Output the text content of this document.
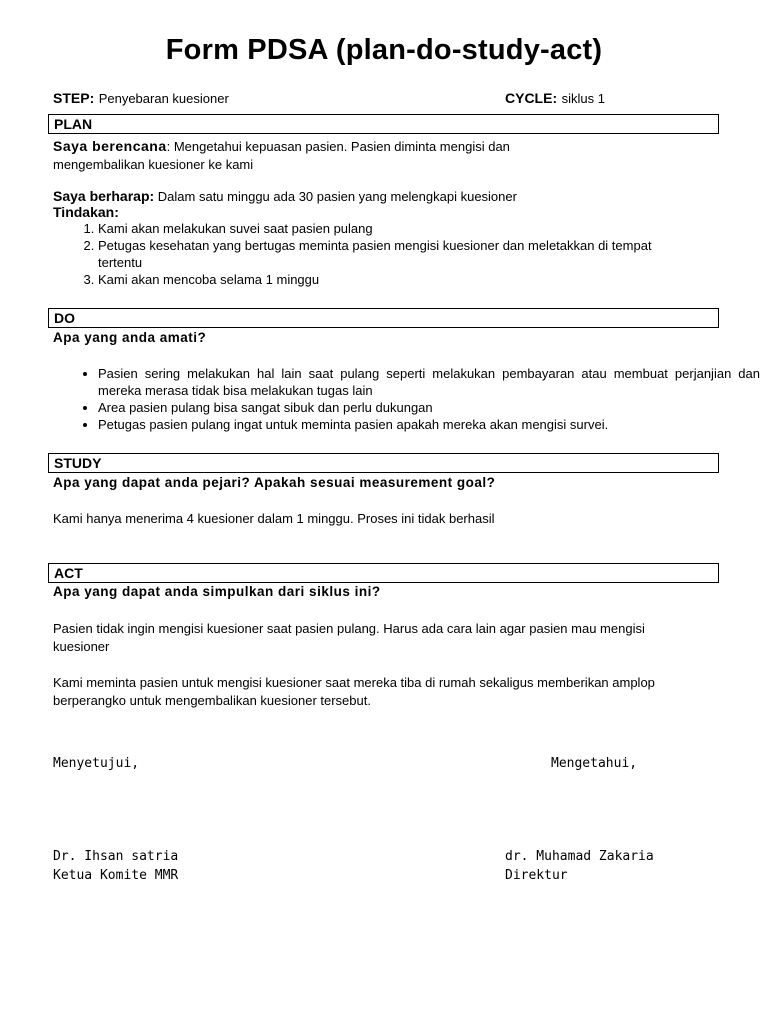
Form PDSA (plan-do-study-act)
STEP: Penyebaran kuesioner	CYCLE: siklus 1
PLAN
Saya berencana: Mengetahui kepuasan pasien. Pasien diminta mengisi dan
mengembalikan kuesioner ke kami
Saya berharap: Dalam satu minggu ada 30 pasien yang melengkapi kuesioner
Tindakan:
1. Kami akan melakukan suvei saat pasien pulang
2. Petugas kesehatan yang bertugas meminta pasien mengisi kuesioner dan meletakkan di tempat tertentu
3. Kami akan mencoba selama 1 minggu
DO
Apa yang anda amati?
• Pasien sering melakukan hal lain saat pulang seperti melakukan pembayaran atau membuat perjanjian dan mereka merasa tidak bisa melakukan tugas lain
• Area pasien pulang bisa sangat sibuk dan perlu dukungan
• Petugas pasien pulang ingat untuk meminta pasien apakah mereka akan mengisi survei.
STUDY
Apa yang dapat anda pejari? Apakah sesuai measurement goal?
Kami hanya menerima 4 kuesioner dalam 1 minggu. Proses ini tidak berhasil
ACT
Apa yang dapat anda simpulkan dari siklus ini?
Pasien tidak ingin mengisi kuesioner saat pasien pulang. Harus ada cara lain agar pasien mau mengisi kuesioner
Kami meminta pasien untuk mengisi kuesioner saat mereka tiba di rumah sekaligus memberikan amplop berperangko untuk mengembalikan kuesioner tersebut.
Menyetujui,	Mengetahui,
Dr. Ihsan satria
Ketua Komite MMR
dr. Muhamad Zakaria
Direktur
